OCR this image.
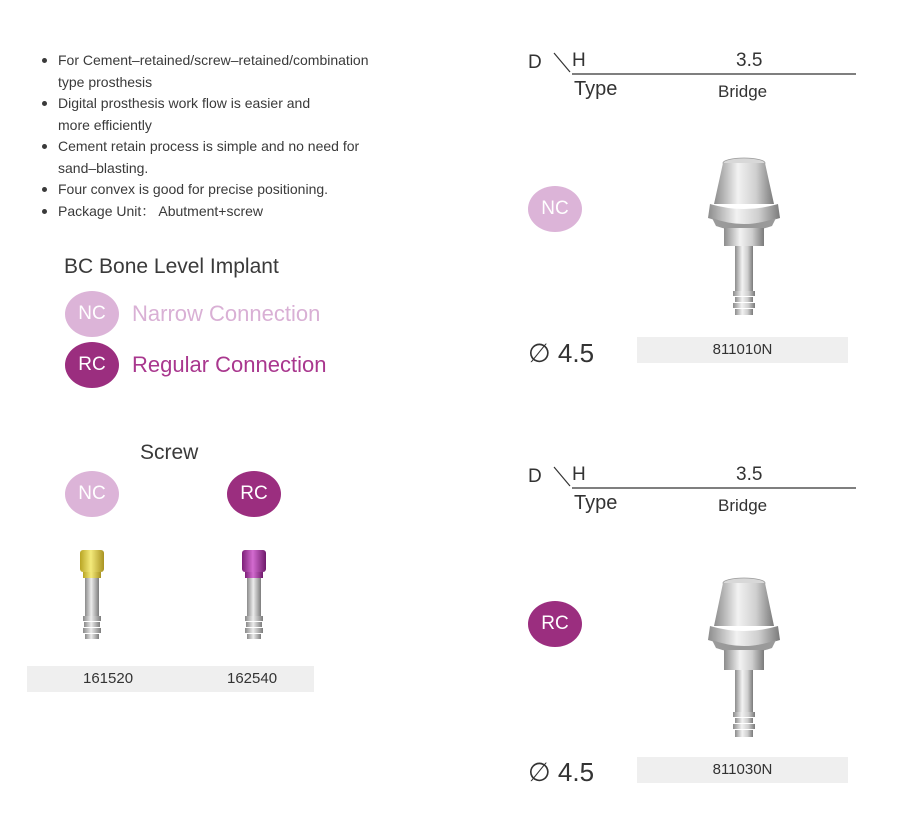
For Cement–retained/screw–retained/combination
type prosthesis
Digital prosthesis work flow is easier and
more efficiently
Cement retain process is simple and no need for
sand–blasting.
Four convex is good for precise positioning.
Package Unit： Abutment+screw
BC Bone Level Implant
NC	Narrow Connection
RC	Regular Connection
Screw
NC	RC
161520	162540
D H	3.5
Type	Bridge
NC
∅ 4.5	811010N
D H	3.5
Type	Bridge
RC
∅ 4.5	811030N
